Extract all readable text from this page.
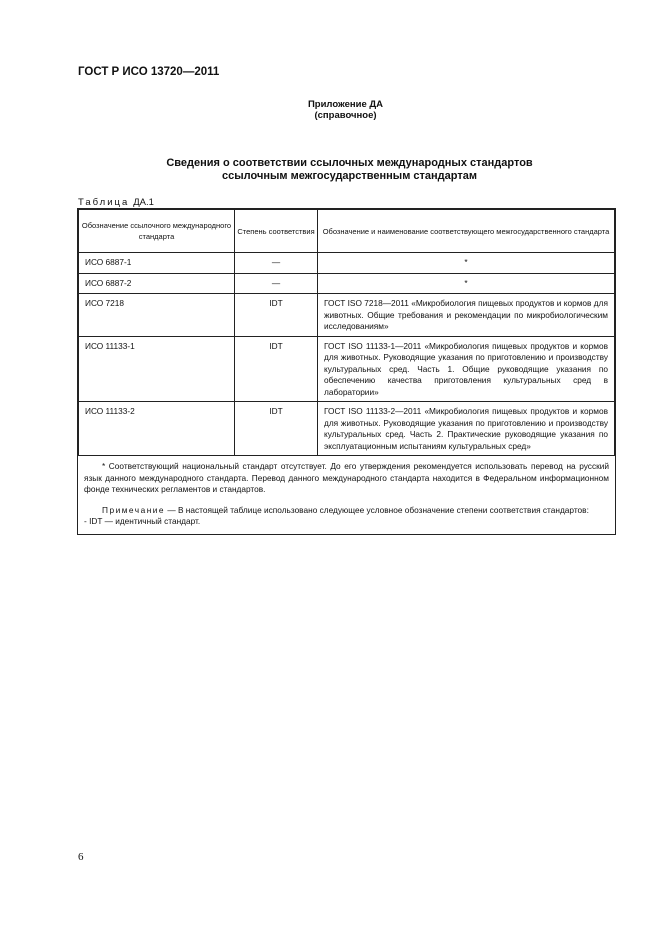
ГОСТ Р ИСО 13720—2011
Приложение ДА
(справочное)
Сведения о соответствии ссылочных международных стандартов
ссылочным межгосударственным стандартам
Таблица ДА.1
Обозначение ссылочного международного стандарта	Степень соответствия	Обозначение и наименование соответствующего межгосударственного стандарта
ИСО 6887-1	—	*
ИСО 6887-2	—	*
ИСО 7218	IDT	ГОСТ ISO 7218—2011 «Микробиология пищевых продуктов и кормов для животных. Общие требования и рекомендации по микробиологическим исследованиям»
ИСО 11133-1	IDT	ГОСТ ISO 11133-1—2011 «Микробиология пищевых продуктов и кормов для животных. Руководящие указания по приготовлению и производству культуральных сред. Часть 1. Общие руководящие указания по обеспечению качества приготовления культуральных сред в лаборатории»
ИСО 11133-2	IDT	ГОСТ ISO 11133-2—2011 «Микробиология пищевых продуктов и кормов для животных. Руководящие указания по приготовлению и производству культуральных сред. Часть 2. Практические руководящие указания по эксплуатационным испытаниям культуральных сред»

* Соответствующий национальный стандарт отсутствует. До его утверждения рекомендуется использовать перевод на русский язык данного международного стандарта. Перевод данного международного стандарта находится в Федеральном информационном фонде технических регламентов и стандартов.

Примечание — В настоящей таблице использовано следующее условное обозначение степени соответствия стандартов:

- IDT — идентичный стандарт.

6
